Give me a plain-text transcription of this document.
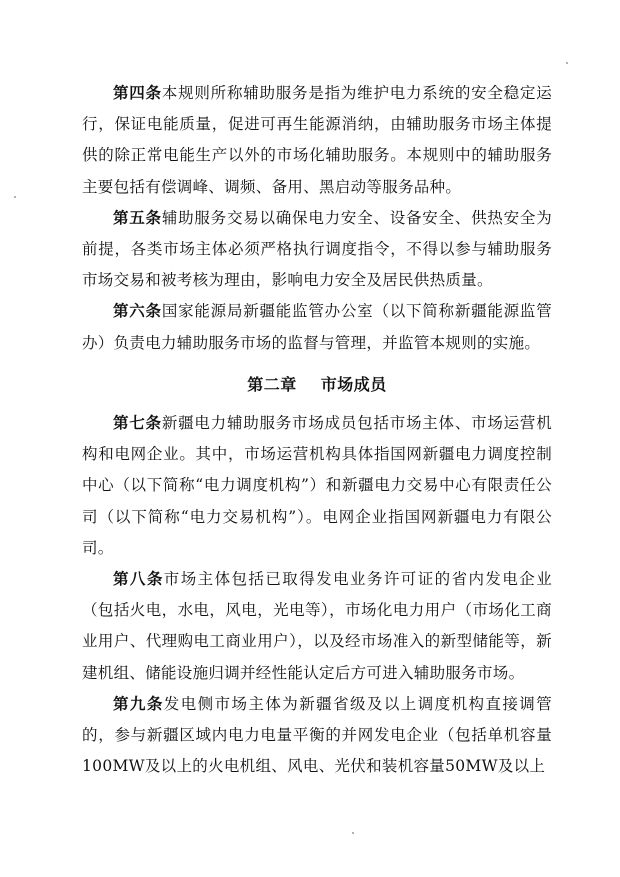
第四条本规则所称辅助服务是指为维护电力系统的安全稳定运行，保证电能质量，促进可再生能源消纳，由辅助服务市场主体提供的除正常电能生产以外的市场化辅助服务。本规则中的辅助服务主要包括有偿调峰、调频、备用、黑启动等服务品种。

第五条辅助服务交易以确保电力安全、设备安全、供热安全为前提，各类市场主体必须严格执行调度指令，不得以参与辅助服务市场交易和被考核为理由，影响电力安全及居民供热质量。

第六条国家能源局新疆能监管办公室（以下简称新疆能源监管办）负责电力辅助服务市场的监督与管理，并监管本规则的实施。

第二章 市场成员

第七条新疆电力辅助服务市场成员包括市场主体、市场运营机构和电网企业。其中，市场运营机构具体指国网新疆电力调度控制中心（以下简称“电力调度机构”）和新疆电力交易中心有限责任公司（以下简称“电力交易机构”）。电网企业指国网新疆电力有限公司。

第八条市场主体包括已取得发电业务许可证的省内发电企业（包括火电，水电，风电，光电等），市场化电力用户（市场化工商业用户、代理购电工商业用户），以及经市场准入的新型储能等，新建机组、储能设施归调并经性能认定后方可进入辅助服务市场。

第九条发电侧市场主体为新疆省级及以上调度机构直接调管的，参与新疆区域内电力电量平衡的并网发电企业（包括单机容量100MW及以上的火电机组、风电、光伏和装机容量50MW及以上
